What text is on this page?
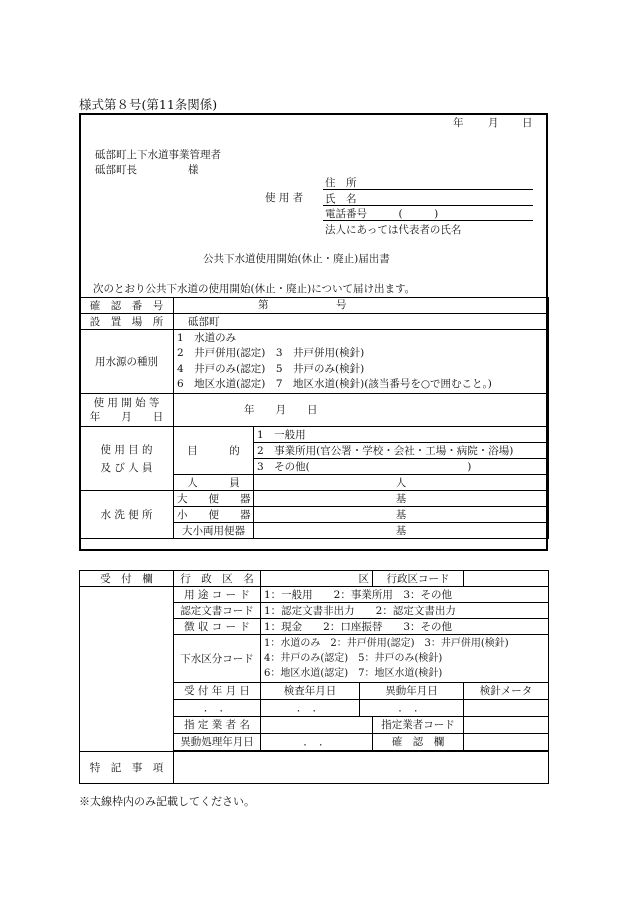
様式第８号(第11条関係)
年 月 日
砥部町上下水道事業管理者
砥部町長	様
使 用 者
住　所
氏　名
電話番号　　　(　　　)
法人にあっては代表者の氏名
公共下水道使用開始(休止・廃止)届出書
次のとおり公共下水道の使用開始(休止・廃止)について届け出ます。
確　認　番　号	第 号	

設　置　場　所	砥部町	
用水源の種別	1　水道のみ
2　井戸併用(認定)　3　井戸併用(検針)
4　井戸のみ(認定)　5　井戸のみ(検針)
6　地区水道(認定)　7　地区水道(検針)(該当番号を○で囲むこと。)	

使 用 開 始 等
年　　月　　日	年　　月　　日	

使 用 目 的
及 び 人 員	目　　　的	1　一般用
		2　事業所用(官公署・学校・会社・工場・病院・浴場)
		3　その他(　　　　　　　　　　　　　　　)
	人　　　員	人
水 洗 便 所	大　　便　　器	基
	小　　便　　器	基
	大小両用便器	基
受　付　欄	行　政　区　名	区		行政区コード	
	用 途 コ ー ド	1：一般用　　2：事業所用　3：その他			
	認定文書コード	1：認定文書非出力　　2：認定文書出力			
	徴 収 コ ー ド	1：現金　　2：口座振替　　3：その他			
	下水区分コード	1：水道のみ　2：井戸併用(認定)　3：井戸併用(検針)
4：井戸のみ(認定)　5：井戸のみ(検針)
6：地区水道(認定)　7：地区水道(検針)			

	受 付 年 月 日	検査年月日	異動年月日		検針メータ
	．　．	．　．	．　．		
	指 定 業 者 名			指定業者コード	
	異動処理年月日	．　．		確　認　欄	

特　記　事　項					
※太線枠内のみ記載してください。
